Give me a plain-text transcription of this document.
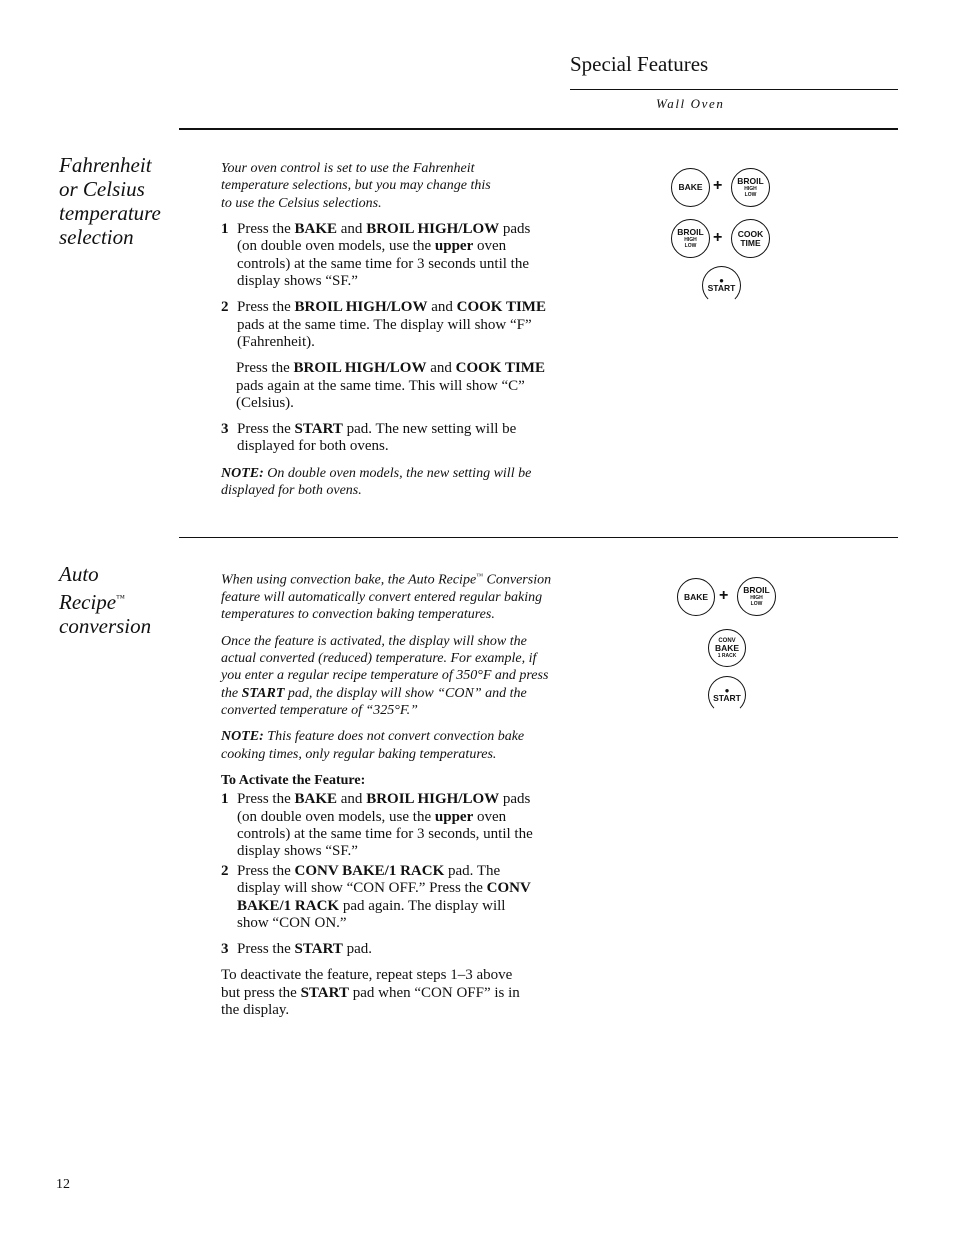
Special Features
Wall Oven
Fahrenheit
or Celsius
temperature
selection

Your oven control is set to use the Fahrenheit
temperature selections, but you may change this
to use the Celsius selections.

1 Press the BAKE and BROIL HIGH/LOW pads (on double oven models, use the upper oven controls) at the same time for 3 seconds until the display shows “SF.”
2 Press the BROIL HIGH/LOW and COOK TIME pads at the same time. The display will show “F” (Fahrenheit).

Press the BROIL HIGH/LOW and COOK TIME pads again at the same time. This will show “C” (Celsius).

3 Press the START pad. The new setting will be displayed for both ovens.

NOTE: On double oven models, the new setting will be displayed for both ovens.

BAKE + BROIL
HIGH
LOW
BROIL
HIGH
LOW + COOK
TIME
●
START
Auto
Recipe™
conversion

When using convection bake, the Auto Recipe™ Conversion feature will automatically convert entered regular baking temperatures to convection baking temperatures.

Once the feature is activated, the display will show the actual converted (reduced) temperature. For example, if you enter a regular recipe temperature of 350°F and press the START pad, the display will show “CON” and the converted temperature of “325°F.”

NOTE: This feature does not convert convection bake cooking times, only regular baking temperatures.

To Activate the Feature:

1 Press the BAKE and BROIL HIGH/LOW pads (on double oven models, use the upper oven controls) at the same time for 3 seconds, until the display shows “SF.”
2 Press the CONV BAKE/1 RACK pad. The display will show “CON OFF.” Press the CONV BAKE/1 RACK pad again. The display will show “CON ON.”
3 Press the START pad.

To deactivate the feature, repeat steps 1–3 above but press the START pad when “CON OFF” is in the display.

BAKE + BROIL
HIGH
LOW
CONV
BAKE
1 RACK
●
START
12
